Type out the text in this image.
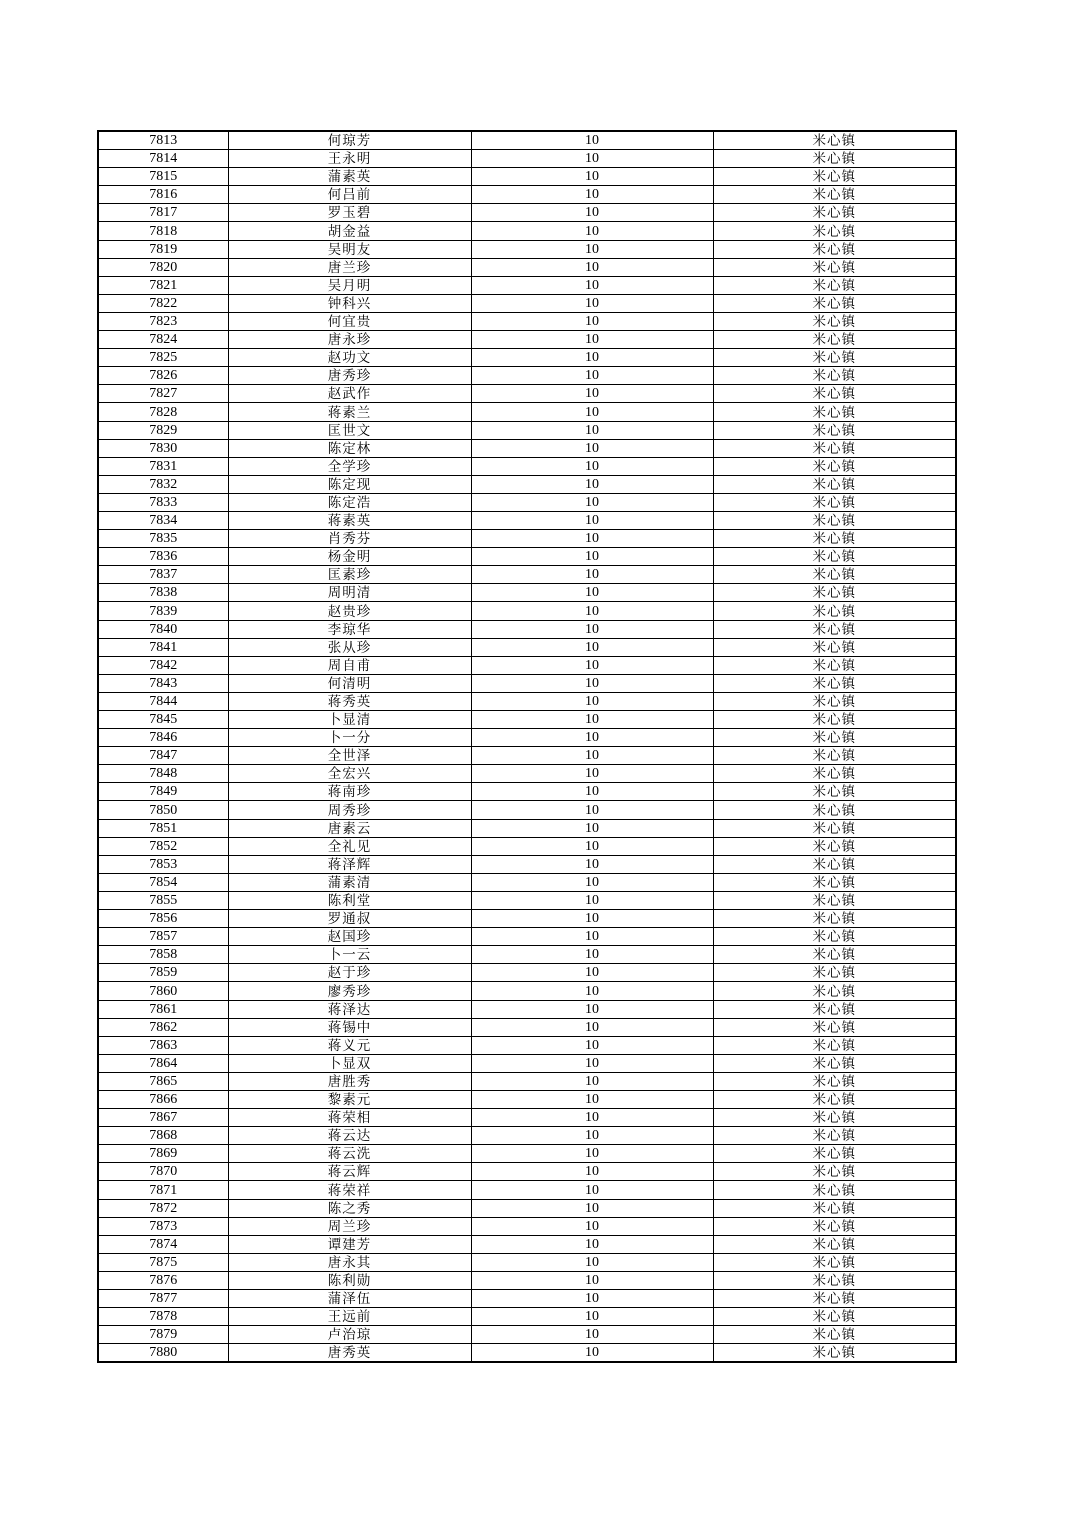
7813	何琼芳	10	米心镇
7814	王永明	10	米心镇
7815	蒲素英	10	米心镇
7816	何吕前	10	米心镇
7817	罗玉碧	10	米心镇
7818	胡金益	10	米心镇
7819	吴明友	10	米心镇
7820	唐兰珍	10	米心镇
7821	吴月明	10	米心镇
7822	钟科兴	10	米心镇
7823	何宜贵	10	米心镇
7824	唐永珍	10	米心镇
7825	赵功文	10	米心镇
7826	唐秀珍	10	米心镇
7827	赵武作	10	米心镇
7828	蒋素兰	10	米心镇
7829	匡世文	10	米心镇
7830	陈定林	10	米心镇
7831	全学珍	10	米心镇
7832	陈定现	10	米心镇
7833	陈定浩	10	米心镇
7834	蒋素英	10	米心镇
7835	肖秀芬	10	米心镇
7836	杨金明	10	米心镇
7837	匡素珍	10	米心镇
7838	周明清	10	米心镇
7839	赵贵珍	10	米心镇
7840	李琼华	10	米心镇
7841	张从珍	10	米心镇
7842	周自甫	10	米心镇
7843	何清明	10	米心镇
7844	蒋秀英	10	米心镇
7845	卜显清	10	米心镇
7846	卜一分	10	米心镇
7847	全世泽	10	米心镇
7848	全宏兴	10	米心镇
7849	蒋南珍	10	米心镇
7850	周秀珍	10	米心镇
7851	唐素云	10	米心镇
7852	全礼见	10	米心镇
7853	蒋泽辉	10	米心镇
7854	蒲素清	10	米心镇
7855	陈利堂	10	米心镇
7856	罗通叔	10	米心镇
7857	赵国珍	10	米心镇
7858	卜一云	10	米心镇
7859	赵于珍	10	米心镇
7860	廖秀珍	10	米心镇
7861	蒋泽达	10	米心镇
7862	蒋锡中	10	米心镇
7863	蒋义元	10	米心镇
7864	卜显双	10	米心镇
7865	唐胜秀	10	米心镇
7866	黎素元	10	米心镇
7867	蒋荣相	10	米心镇
7868	蒋云达	10	米心镇
7869	蒋云洗	10	米心镇
7870	蒋云辉	10	米心镇
7871	蒋荣祥	10	米心镇
7872	陈之秀	10	米心镇
7873	周兰珍	10	米心镇
7874	谭建芳	10	米心镇
7875	唐永其	10	米心镇
7876	陈利勋	10	米心镇
7877	蒲泽伍	10	米心镇
7878	王远前	10	米心镇
7879	卢治琼	10	米心镇
7880	唐秀英	10	米心镇
